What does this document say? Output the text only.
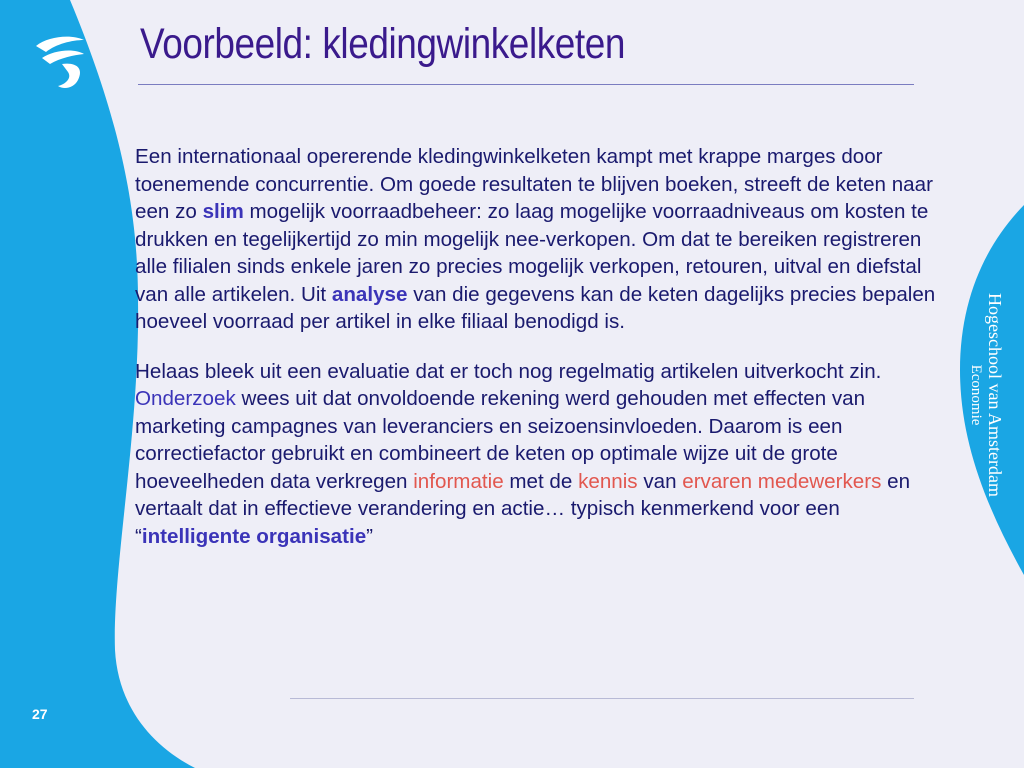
Voorbeeld: kledingwinkelketen

Een internationaal opererende kledingwinkelketen kampt met krappe marges door toenemende concurrentie. Om goede resultaten te blijven boeken, streeft de keten naar een zo slim mogelijk voorraadbeheer: zo laag mogelijke voorraadniveaus om kosten te drukken en tegelijkertijd zo min mogelijk nee-verkopen. Om dat te bereiken registreren alle filialen sinds enkele jaren zo precies mogelijk verkopen, retouren, uitval en diefstal van alle artikelen. Uit analyse van die gegevens kan de keten dagelijks precies bepalen hoeveel voorraad per artikel in elke filiaal benodigd is.

Helaas bleek uit een evaluatie dat er toch nog regelmatig artikelen uitverkocht zin. Onderzoek wees uit dat onvoldoende rekening werd gehouden met effecten van marketing campagnes van leveranciers en seizoensinvloeden. Daarom is een correctiefactor gebruikt en combineert de keten op optimale wijze uit de grote hoeveelheden data verkregen informatie met de kennis van ervaren medewerkers en vertaalt dat in effectieve verandering en actie… typisch kenmerkend voor een “intelligente organisatie”

27
Hogeschool van Amsterdam
Economie
